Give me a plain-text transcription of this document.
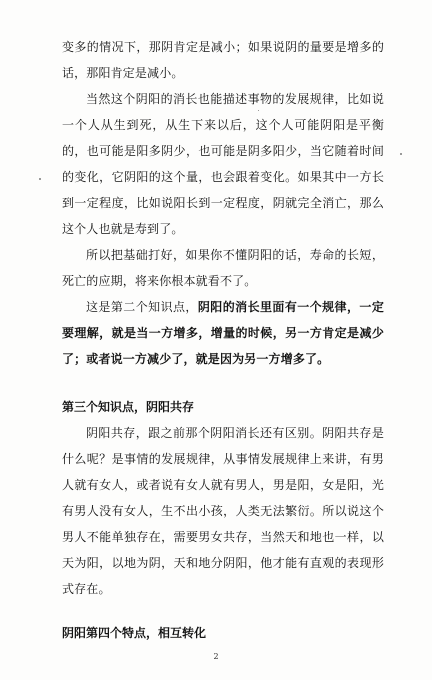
变多的情况下，那阴肯定是减小；如果说阴的量要是增多的话，那阳肯定是减小。

当然这个阴阳的消长也能描述事物的发展规律，比如说一个人从生到死，从生下来以后，这个人可能阴阳是平衡的，也可能是阳多阴少，也可能是阴多阳少，当它随着时间的变化，它阴阳的这个量，也会跟着变化。如果其中一方长到一定程度，比如说阳长到一定程度，阴就完全消亡，那么这个人也就是寿到了。

所以把基础打好，如果你不懂阴阳的话，寿命的长短，死亡的应期，将来你根本就看不了。

这是第二个知识点，阴阳的消长里面有一个规律，一定要理解，就是当一方增多，增量的时候，另一方肯定是减少了；或者说一方减少了，就是因为另一方增多了。

第三个知识点，阴阳共存

阴阳共存，跟之前那个阴阳消长还有区别。阴阳共存是什么呢？是事情的发展规律，从事情发展规律上来讲，有男人就有女人，或者说有女人就有男人，男是阳，女是阳，光有男人没有女人，生不出小孩，人类无法繁衍。所以说这个男人不能单独存在，需要男女共存，当然天和地也一样，以天为阳，以地为阴，天和地分阴阳，他才能有直观的表现形式存在。

阴阳第四个特点，相互转化

2
